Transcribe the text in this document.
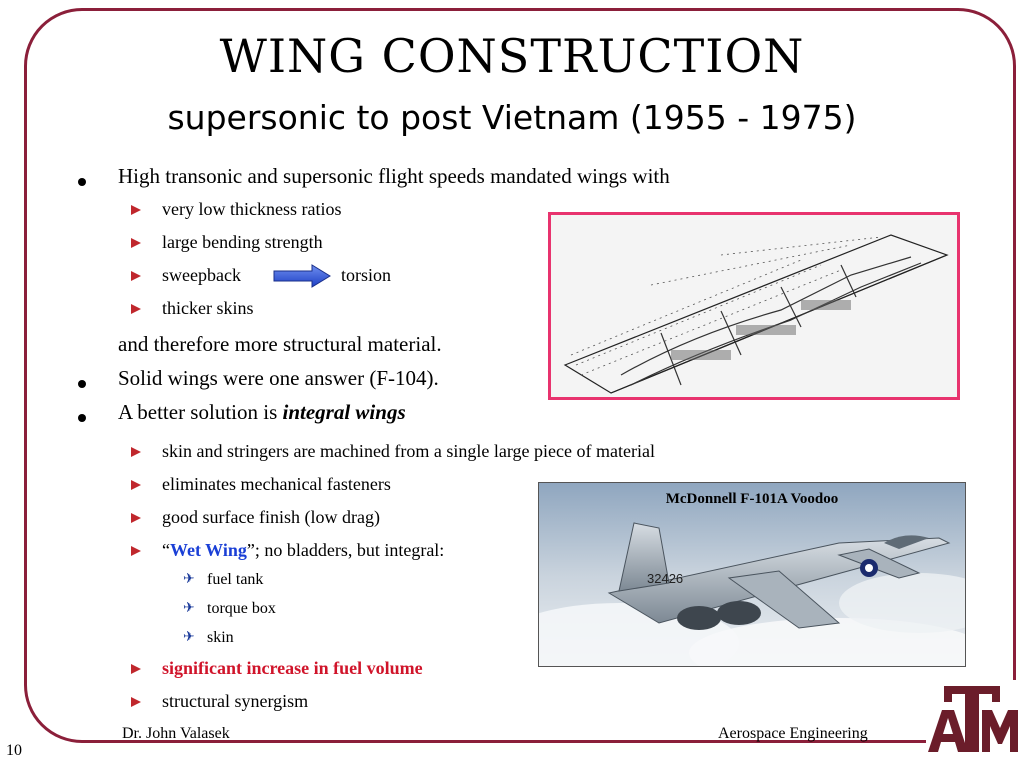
WING CONSTRUCTION
supersonic to post Vietnam (1955 - 1975)
High transonic and supersonic flight speeds mandated wings with
very low thickness ratios
large bending strength
sweepback	torsion
thicker skins
and therefore more structural material.
Solid wings were one answer (F-104).
A better solution is integral wings
skin and stringers are machined from a single large piece of material
eliminates mechanical fasteners
good surface finish (low drag)
“Wet Wing”; no bladders, but integral:
✈ fuel tank
✈ torque box
✈ skin
significant increase in fuel volume
structural synergism
32426
McDonnell F-101A Voodoo
10
Dr. John Valasek	Aerospace Engineering
